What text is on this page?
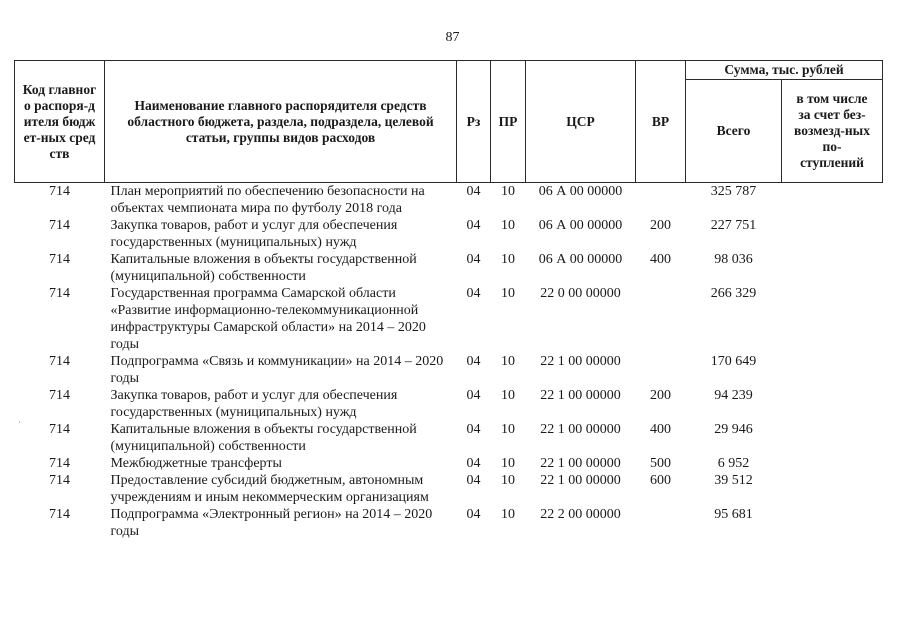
87
Код главного распоря-дителя бюджет-ных средств	Наименование главного распорядителя средств областного бюджета, раздела, подраздела, целевой статьи, группы видов расходов	Рз	ПР	ЦСР	ВР	Сумма, тыс. рублей	
						Всего	в том числе за счет без-возмезд-ных по-ступлений

714	План мероприятий по обеспечению безопасности на объектах чемпионата мира по футболу 2018 года	04	10	06 А 00 00000		325 787	
714	Закупка товаров, работ и услуг для обеспечения государственных (муниципальных) нужд	04	10	06 А 00 00000	200	227 751	
714	Капитальные вложения в объекты государственной (муниципальной) собственности	04	10	06 А 00 00000	400	98 036	
714	Государственная программа Самарской области «Развитие информационно-телекоммуникационной инфраструктуры Самарской области» на 2014 – 2020 годы	04	10	22 0 00 00000		266 329	
714	Подпрограмма «Связь и коммуникации» на 2014 – 2020 годы	04	10	22 1 00 00000		170 649	
714	Закупка товаров, работ и услуг для обеспечения государственных (муниципальных) нужд	04	10	22 1 00 00000	200	94 239	
714	Капитальные вложения в объекты государственной (муниципальной) собственности	04	10	22 1 00 00000	400	29 946	
714	Межбюджетные трансферты	04	10	22 1 00 00000	500	6 952	
714	Предоставление субсидий бюджетным, автономным учреждениям и иным некоммерческим организациям	04	10	22 1 00 00000	600	39 512	
714	Подпрограмма «Электронный регион» на 2014 – 2020 годы	04	10	22 2 00 00000		95 681	
˙
